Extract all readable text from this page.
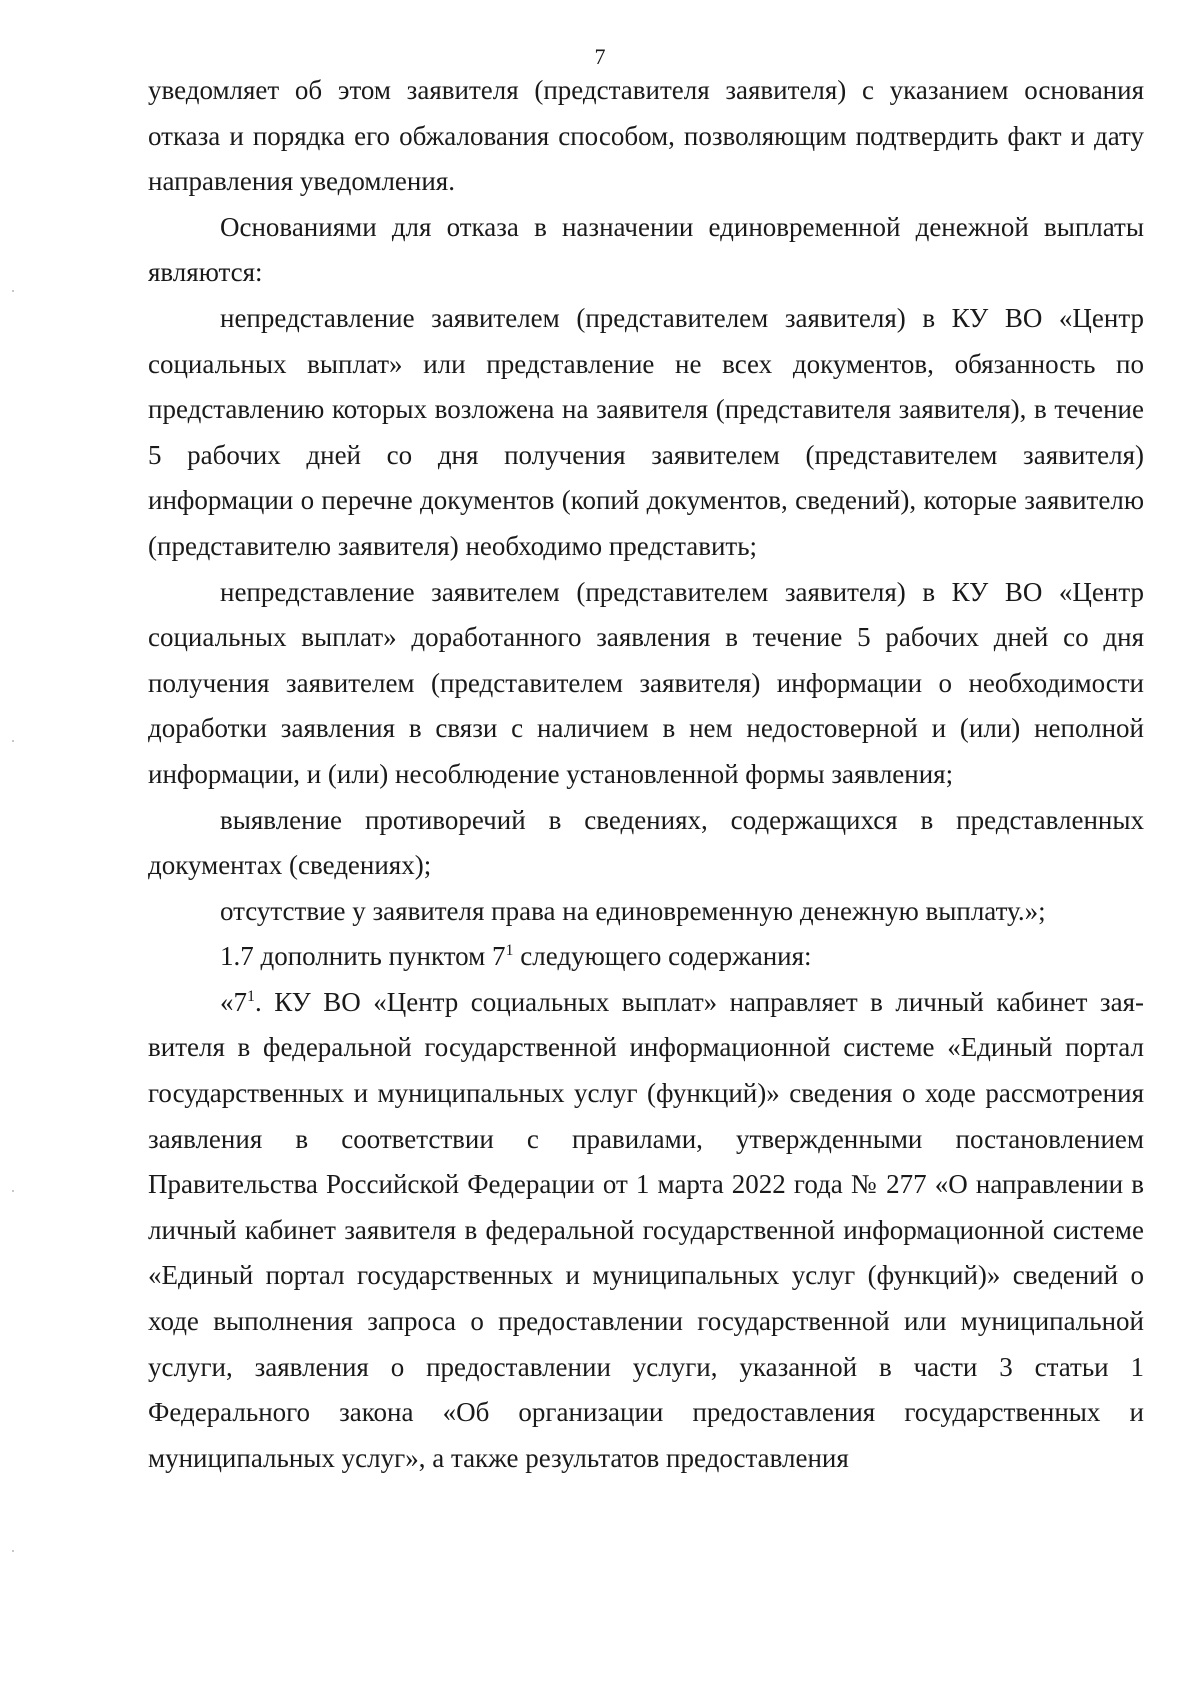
7

уведомляет об этом заявителя (представителя заявителя) с указанием основания отказа и порядка его обжалования способом, позволяющим подтвердить факт и дату направления уведомления.

Основаниями для отказа в назначении единовременной денежной выплаты являются:

непредставление заявителем (представителем заявителя) в КУ ВО «Центр социальных выплат» или представление не всех документов, обязанность по представлению которых возложена на заявителя (представителя заявителя), в течение 5 рабочих дней со дня получения заявителем (представителем заявителя) информации о перечне документов (копий документов, сведений), которые заявителю (представителю заявителя) необходимо представить;

непредставление заявителем (представителем заявителя) в КУ ВО «Центр социальных выплат» доработанного заявления в течение 5 рабочих дней со дня получения заявителем (представителем заявителя) информации о необходимости доработки заявления в связи с наличием в нем недостоверной и (или) неполной информации, и (или) несоблюдение установленной формы заявления;

выявление противоречий в сведениях, содержащихся в представленных документах (сведениях);

отсутствие у заявителя права на единовременную денежную выплату.»;

1.7 дополнить пунктом $7^1$ следующего содержания:

«$7^1$. КУ ВО «Центр социальных выплат» направляет в личный кабинет заявителя в федеральной государственной информационной системе «Единый портал государственных и муниципальных услуг (функций)» сведения о ходе рассмотрения заявления в соответствии с правилами, утвержденными постановлением Правительства Российской Федерации от 1 марта 2022 года № 277 «О направлении в личный кабинет заявителя в федеральной государственной информационной системе «Единый портал государственных и муниципальных услуг (функций)» сведений о ходе выполнения запроса о предоставлении государственной или муниципальной услуги, заявления о предоставлении услуги, указанной в части 3 статьи 1 Федерального закона «Об организации предоставления государственных и муниципальных услуг», а также результатов предоставления
